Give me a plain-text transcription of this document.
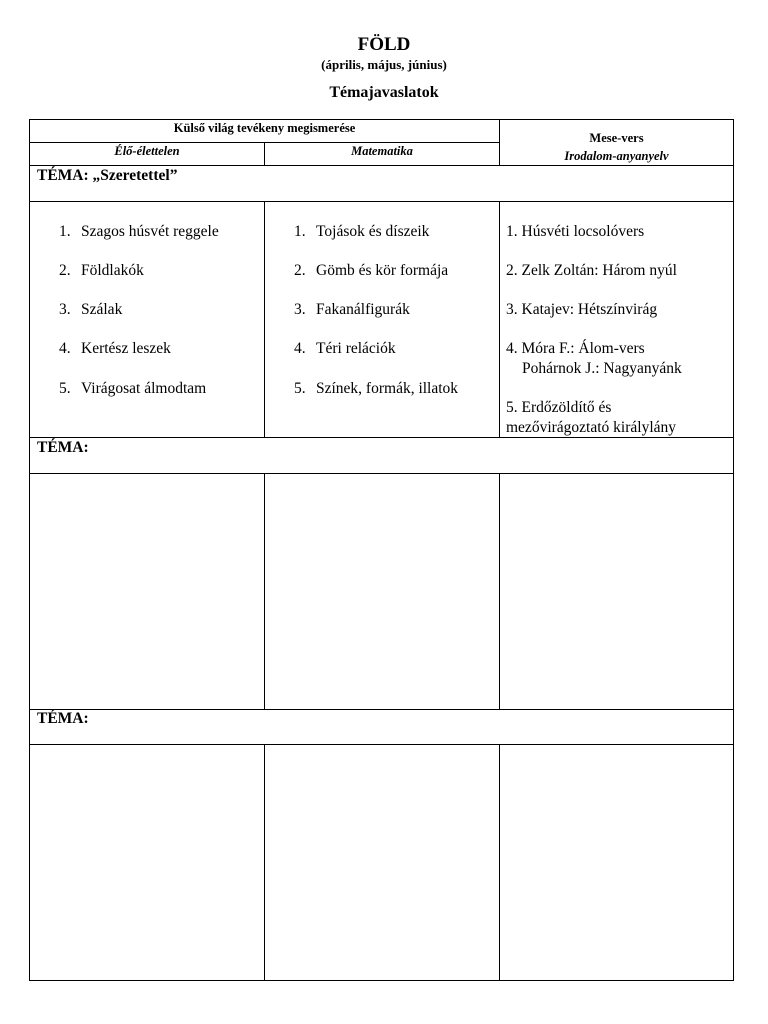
FÖLD
(április, május, június)
Témajavaslatok
Külső világ tevékeny megismerése
Élő-élettelen	Matematika
Mese-vers
Irodalom-anyanyelv
TÉMA: „Szeretettel”
1. Szagos húsvét reggele
2. Földlakók
3. Szálak
4. Kertész leszek
5. Virágosat álmodtam
1. Tojások és díszeik
2. Gömb és kör formája
3. Fakanálfigurák
4. Téri relációk
5. Színek, formák, illatok
1. Húsvéti locsolóvers
2. Zelk Zoltán: Három nyúl
3. Katajev: Hétszínvirág
4. Móra F.: Álom-vers
Pohárnok J.: Nagyanyánk
5. Erdőzöldítő és
mezővirágoztató királylány
TÉMA:
TÉMA:
